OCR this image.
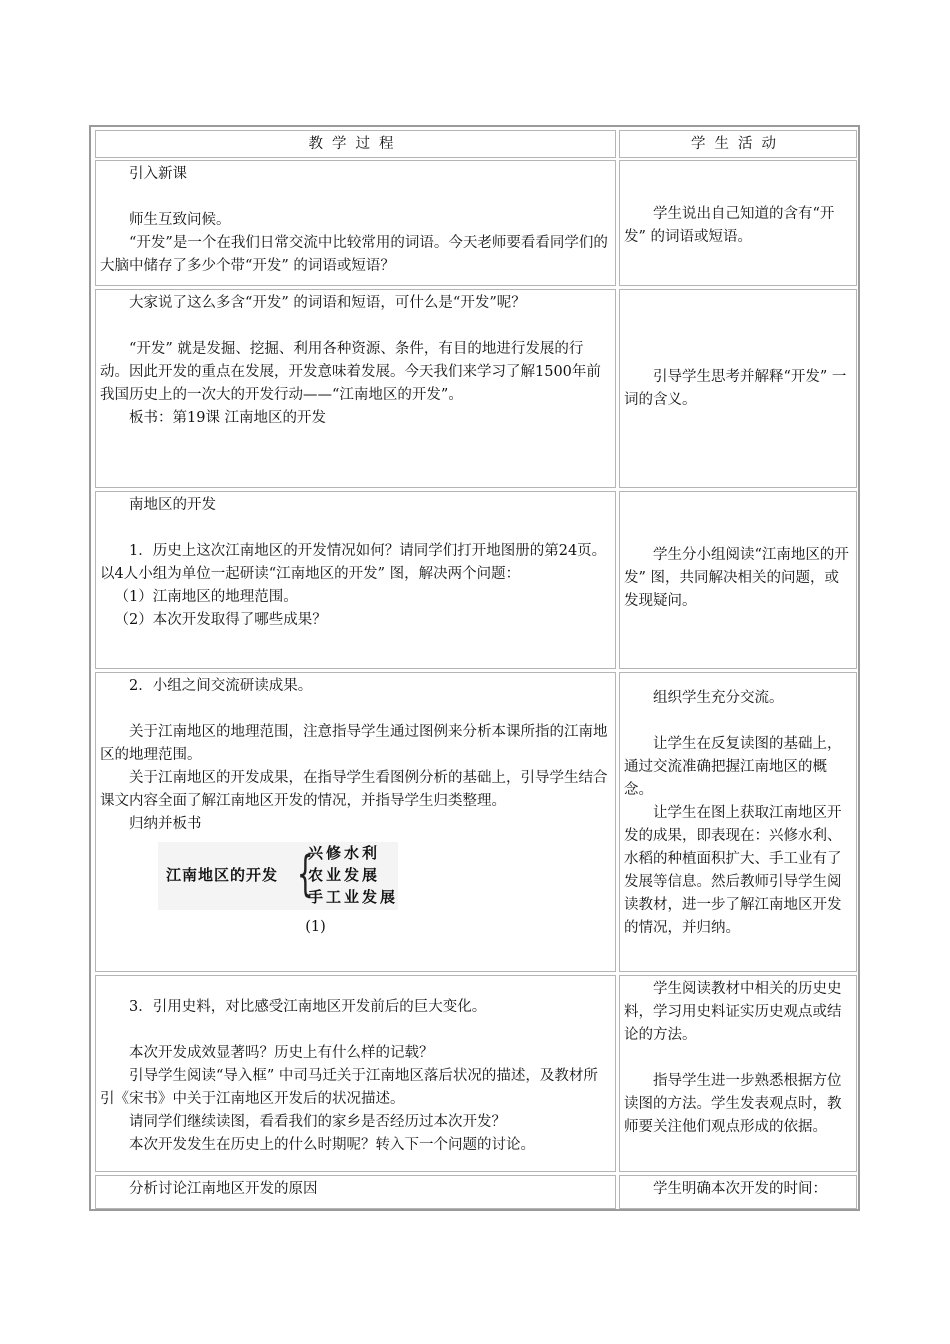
教学过程	学生活动

引入新课

师生互致问候。

“开发”是一个在我们日常交流中比较常用的词语。今天老师要看看同学们的大脑中储存了多少个带“开发” 的词语或短语？

学生说出自己知道的含有“开发” 的词语或短语。

大家说了这么多含“开发” 的词语和短语，可什么是“开发”呢？

“开发” 就是发掘、挖掘、利用各种资源、条件，有目的地进行发展的行动。因此开发的重点在发展，开发意味着发展。今天我们来学习了解1500年前我国历史上的一次大的开发行动——“江南地区的开发”。

板书：第19课 江南地区的开发

引导学生思考并解释“开发” 一词的含义。

南地区的开发

1．历史上这次江南地区的开发情况如何？请同学们打开地图册的第24页。以4人小组为单位一起研读“江南地区的开发” 图，解决两个问题：

（1）江南地区的地理范围。

（2）本次开发取得了哪些成果？

学生分小组阅读“江南地区的开发” 图，共同解决相关的问题，或发现疑问。

2．小组之间交流研读成果。

关于江南地区的地理范围，注意指导学生通过图例来分析本课所指的江南地区的地理范围。

关于江南地区的开发成果，在指导学生看图例分析的基础上，引导学生结合课文内容全面了解江南地区开发的情况，并指导学生归类整理。

归纳并板书

江南地区的开发 {
兴修水利
农业发展
手工业发展
(1)

组织学生充分交流。

让学生在反复读图的基础上，通过交流准确把握江南地区的概念。

让学生在图上获取江南地区开发的成果，即表现在：兴修水利、水稻的种植面积扩大、手工业有了发展等信息。然后教师引导学生阅读教材，进一步了解江南地区开发的情况，并归纳。

3．引用史料，对比感受江南地区开发前后的巨大变化。

本次开发成效显著吗？历史上有什么样的记载？

引导学生阅读“导入框” 中司马迁关于江南地区落后状况的描述，及教材所引《宋书》中关于江南地区开发后的状况描述。

请同学们继续读图，看看我们的家乡是否经历过本次开发？

本次开发发生在历史上的什么时期呢？转入下一个问题的讨论。

学生阅读教材中相关的历史史料，学习用史料证实历史观点或结论的方法。

指导学生进一步熟悉根据方位读图的方法。学生发表观点时，教师要关注他们观点形成的依据。

分析讨论江南地区开发的原因	学生明确本次开发的时间：
